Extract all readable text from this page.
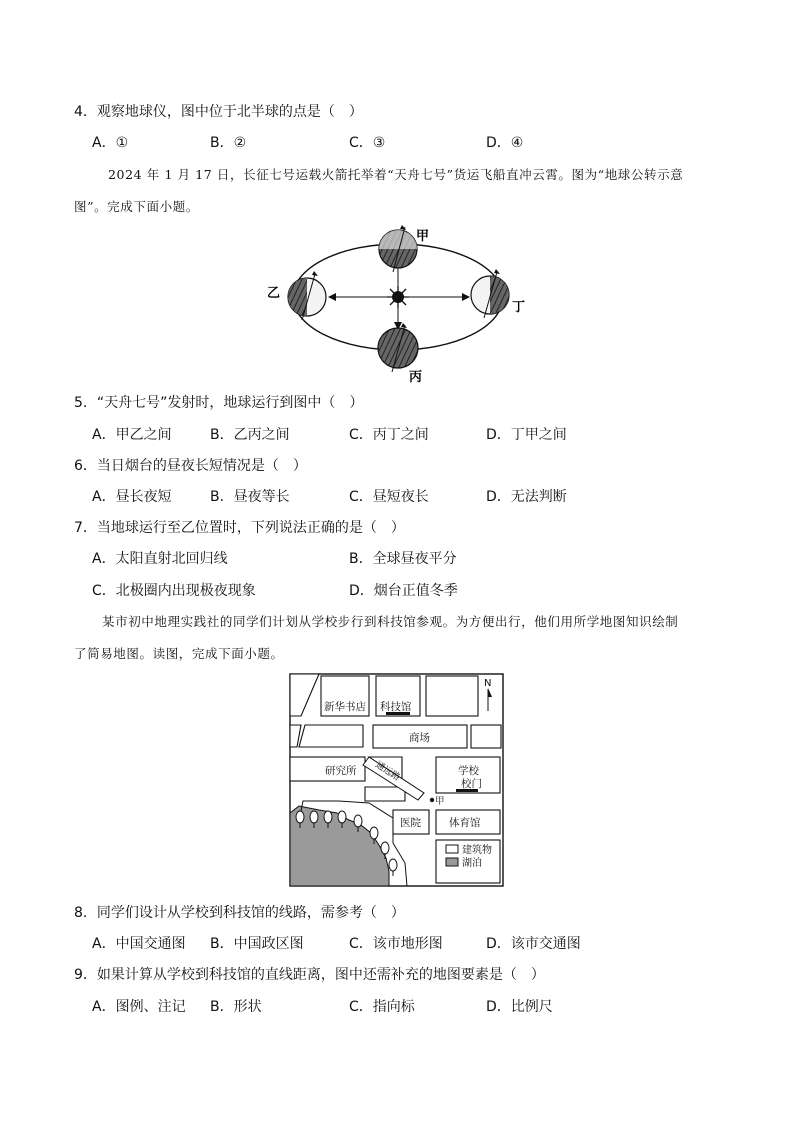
4．观察地球仪，图中位于北半球的点是（　）
A．①	B．②	C．③	D．④
2024 年 1 月 17 日，长征七号运载火箭托举着“天舟七号”货运飞船直冲云霄。图为“地球公转示意
图”。完成下面小题。
甲
乙
丁
丙
5．“天舟七号”发射时，地球运行到图中（　）
A．甲乙之间	B．乙丙之间	C．丙丁之间	D．丁甲之间
6．当日烟台的昼夜长短情况是（　）
A．昼长夜短	B．昼夜等长	C．昼短夜长	D．无法判断
7．当地球运行至乙位置时，下列说法正确的是（　）
A．太阳直射北回归线	B．全球昼夜平分
C．北极圈内出现极夜现象	D．烟台正值冬季
某市初中地理实践社的同学们计划从学校步行到科技馆参观。为方便出行，他们用所学地图知识绘制
了简易地图。读图，完成下面小题。
新华书店 科技馆
商场
研究所 通远路	学校
校门
甲
医院	体育馆
N
建筑物
湖泊
8．同学们设计从学校到科技馆的线路，需参考（　）
A．中国交通图 B．中国政区图	C．该市地形图	D．该市交通图
9．如果计算从学校到科技馆的直线距离，图中还需补充的地图要素是（　）
A．图例、注记 B．形状	C．指向标	D．比例尺
